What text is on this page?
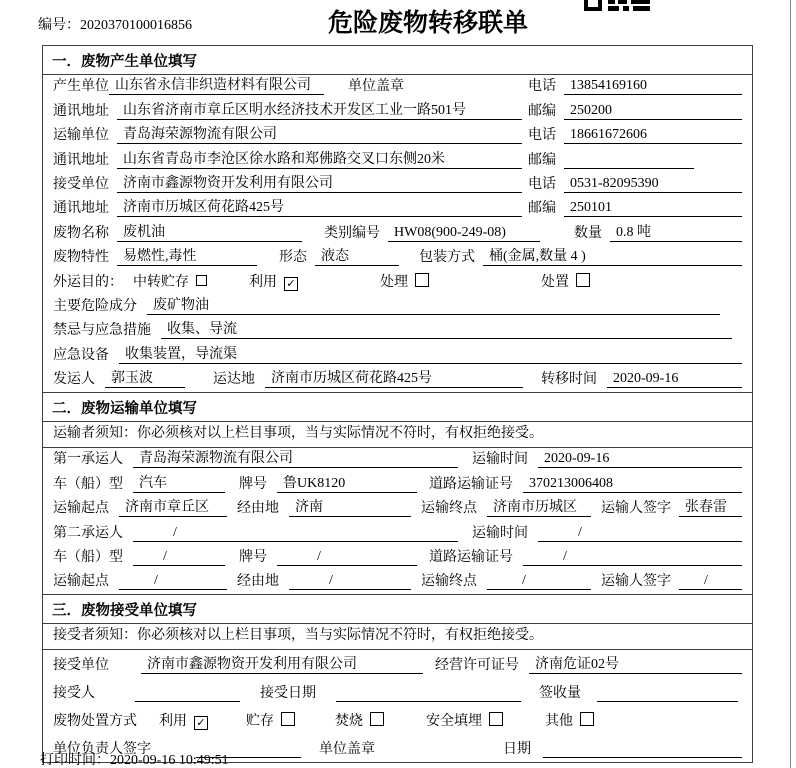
编号：2020370100016856	危险废物转移联单
一．废物产生单位填写
产生单位 山东省永信非织造材料有限公司	单位盖章	电话	13854169160
通讯地址	山东省济南市章丘区明水经济技术开发区工业一路501号	邮编	250200
运输单位	青岛海荣源物流有限公司	电话	18661672606
通讯地址	山东省青岛市李沧区徐水路和郑佛路交叉口东侧20米	邮编
接受单位	济南市鑫源物资开发利用有限公司	电话	0531-82095390
通讯地址	济南市历城区荷花路425号	邮编	250101
废物名称	废机油	类别编号	HW08(900-249-08)	数量	0.8 吨
废物特性	易燃性,毒性	形态	液态	包装方式	桶(金属,数量 4 )
外运目的： 中转贮存	利用 ✓	处理	处置
主要危险成分	废矿物油
禁忌与应急措施	收集、导流
应急设备	收集装置，导流渠
发运人	郭玉波	运达地	济南市历城区荷花路425号	转移时间	2020-09-16
二．废物运输单位填写
运输者须知：你必须核对以上栏目事项，当与实际情况不符时，有权拒绝接受。
第一承运人	青岛海荣源物流有限公司	运输时间	2020-09-16
车（船）型	汽车	牌号	鲁UK8120	道路运输证号	370213006408
运输起点	济南市章丘区	经由地	济南	运输终点	济南市历城区	运输人签字	张春雷
第二承运人	/	运输时间	/
车（船）型	/	牌号	/	道路运输证号	/
运输起点	/	经由地	/	运输终点	/	运输人签字	/
三．废物接受单位填写
接受者须知：你必须核对以上栏目事项，当与实际情况不符时，有权拒绝接受。
接受单位	济南市鑫源物资开发利用有限公司	经营许可证号	济南危证02号
接受人	接受日期	签收量
废物处置方式 利用 ✓	贮存	焚烧	安全填埋	其他
单位负责人签字	单位盖章	日期
打印时间：2020-09-16 10:49:51
